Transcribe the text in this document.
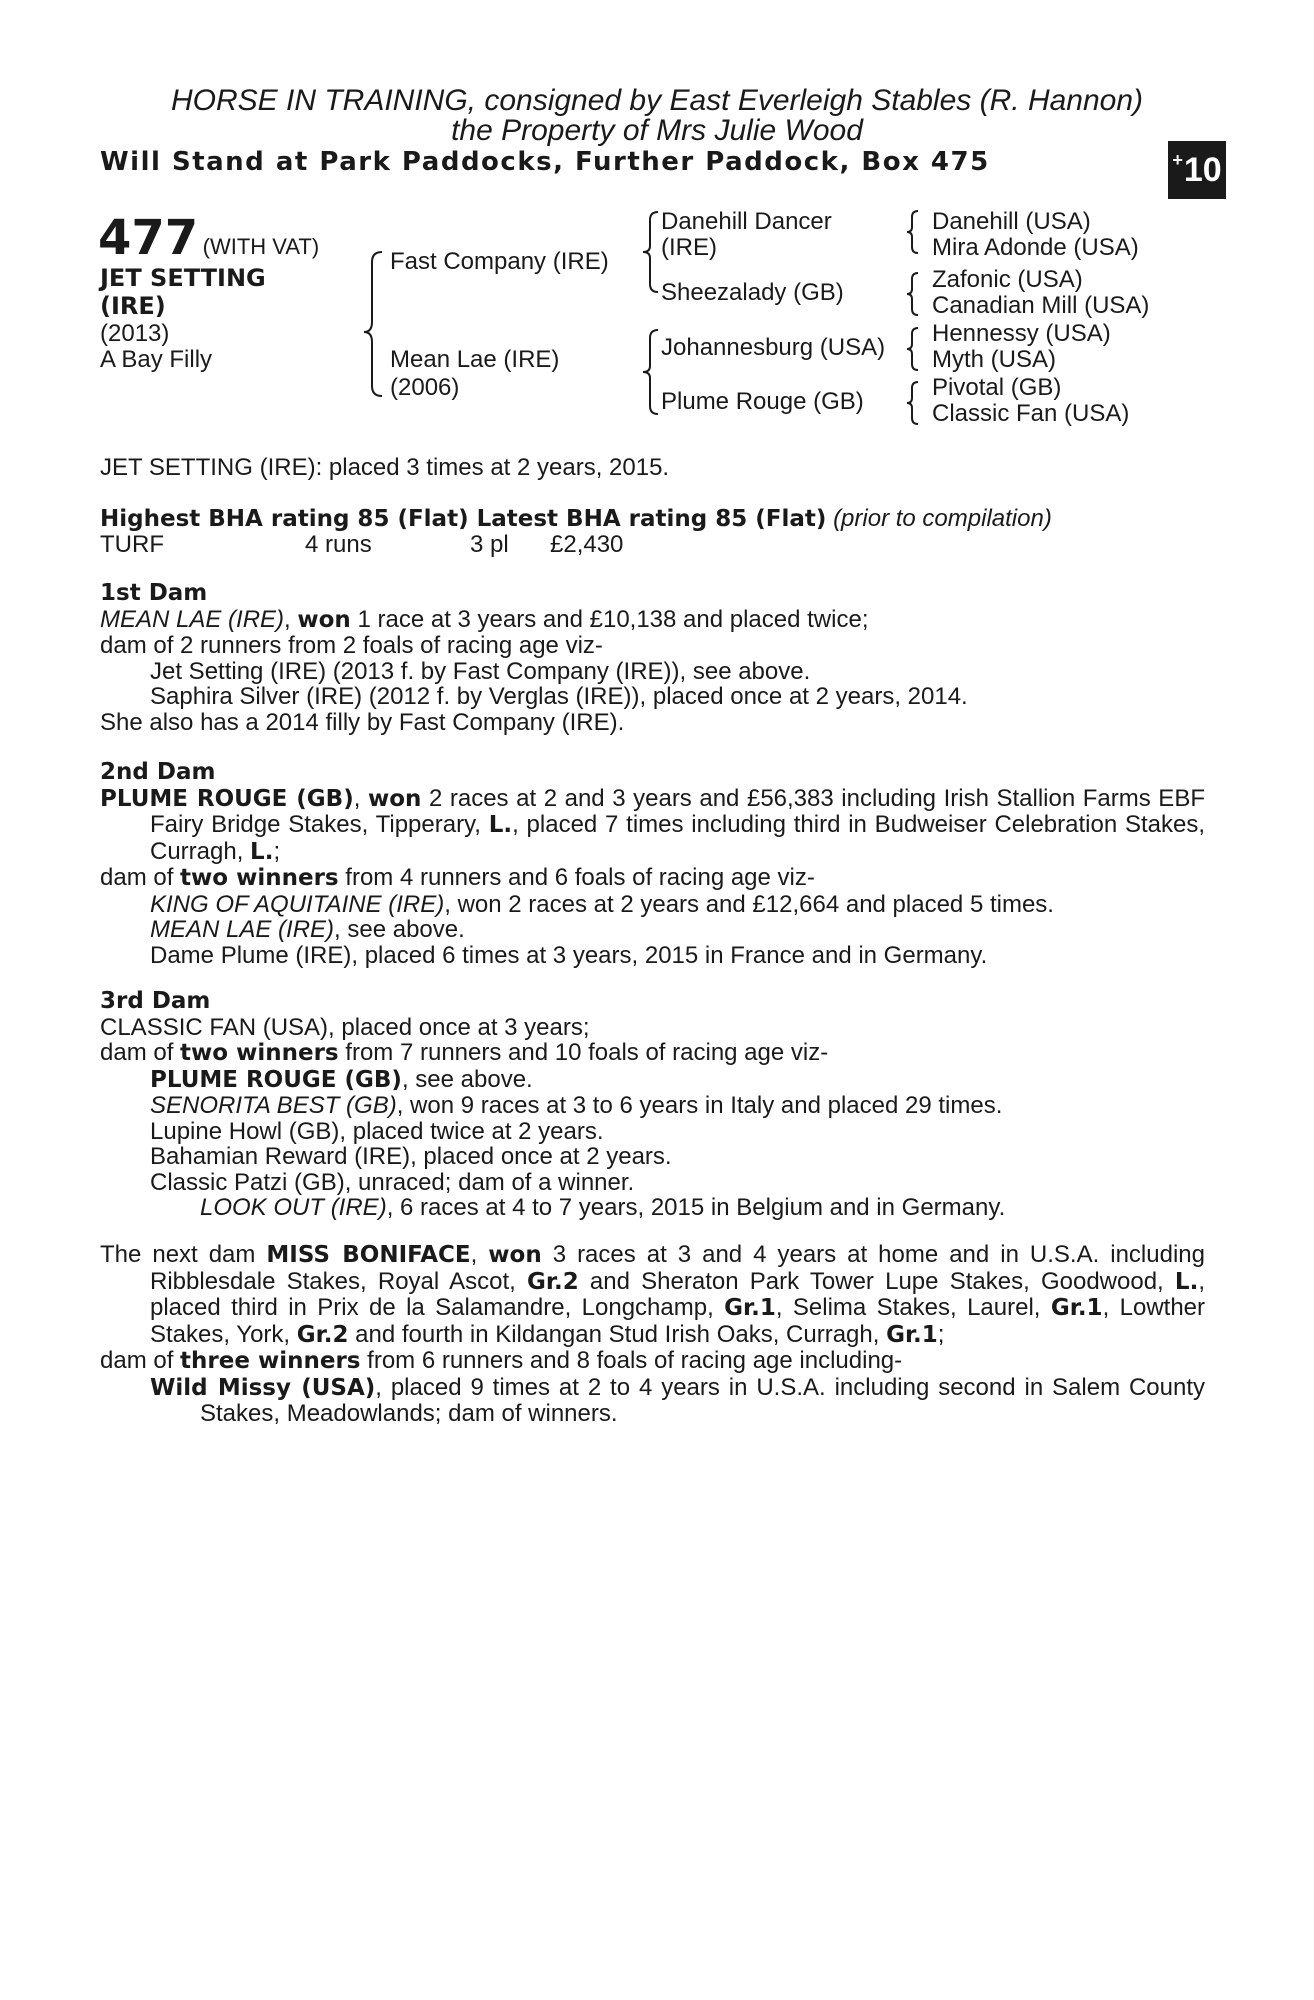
HORSE IN TRAINING, consigned by East Everleigh Stables (R. Hannon)
the Property of Mrs Julie Wood
Will Stand at Park Paddocks, Further Paddock, Box 475	+ 10
477 (WITH VAT)
JET SETTING
(IRE)
(2013)
A Bay Filly
Fast Company (IRE)
Mean Lae (IRE)
(2006)
Danehill Dancer
(IRE)
Sheezalady (GB)
Johannesburg (USA)
Plume Rouge (GB)
Danehill (USA)
Mira Adonde (USA)
Zafonic (USA)
Canadian Mill (USA)
Hennessy (USA)
Myth (USA)
Pivotal (GB)
Classic Fan (USA)
JET SETTING (IRE): placed 3 times at 2 years, 2015.
Highest BHA rating 85 (Flat) Latest BHA rating 85 (Flat) (prior to compilation)
TURF	4 runs	3 pl £2,430
1st Dam
MEAN LAE (IRE), won 1 race at 3 years and £10,138 and placed twice;
dam of 2 runners from 2 foals of racing age viz-
Jet Setting (IRE) (2013 f. by Fast Company (IRE)), see above.
Saphira Silver (IRE) (2012 f. by Verglas (IRE)), placed once at 2 years, 2014.
She also has a 2014 filly by Fast Company (IRE).
2nd Dam
PLUME ROUGE (GB), won 2 races at 2 and 3 years and £56,383 including Irish Stallion Farms EBF Fairy Bridge Stakes, Tipperary, L., placed 7 times including third in Budweiser Celebration Stakes, Curragh, L.;
dam of two winners from 4 runners and 6 foals of racing age viz-
KING OF AQUITAINE (IRE), won 2 races at 2 years and £12,664 and placed 5 times.
MEAN LAE (IRE), see above.
Dame Plume (IRE), placed 6 times at 3 years, 2015 in France and in Germany.
3rd Dam
CLASSIC FAN (USA), placed once at 3 years;
dam of two winners from 7 runners and 10 foals of racing age viz-
PLUME ROUGE (GB), see above.
SENORITA BEST (GB), won 9 races at 3 to 6 years in Italy and placed 29 times.
Lupine Howl (GB), placed twice at 2 years.
Bahamian Reward (IRE), placed once at 2 years.
Classic Patzi (GB), unraced; dam of a winner.
LOOK OUT (IRE), 6 races at 4 to 7 years, 2015 in Belgium and in Germany.
The next dam MISS BONIFACE, won 3 races at 3 and 4 years at home and in U.S.A. including Ribblesdale Stakes, Royal Ascot, Gr.2 and Sheraton Park Tower Lupe Stakes, Goodwood, L., placed third in Prix de la Salamandre, Longchamp, Gr.1, Selima Stakes, Laurel, Gr.1, Lowther Stakes, York, Gr.2 and fourth in Kildangan Stud Irish Oaks, Curragh, Gr.1;
dam of three winners from 6 runners and 8 foals of racing age including-
Wild Missy (USA), placed 9 times at 2 to 4 years in U.S.A. including second in Salem County Stakes, Meadowlands; dam of winners.
